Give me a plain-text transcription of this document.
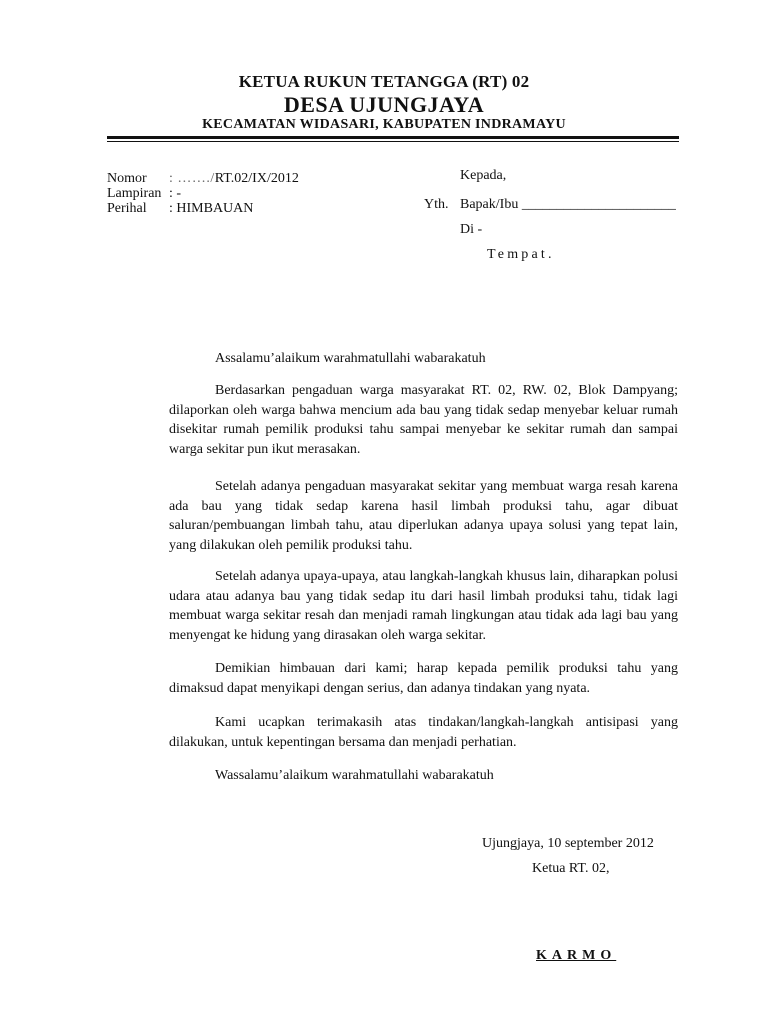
KETUA RUKUN TETANGGA (RT) 02
DESA UJUNGJAYA
KECAMATAN WIDASARI, KABUPATEN INDRAMAYU
Nomor	: ……./RT.02/IX/2012
Lampiran : -
Perihal	: HIMBAUAN
Kepada,
Yth. Bapak/Ibu ______________________
Di -
Tempat.
Assalamu’alaikum warahmatullahi wabarakatuh
Berdasarkan pengaduan warga masyarakat RT. 02, RW. 02, Blok Dampyang; dilaporkan oleh warga bahwa mencium ada bau yang tidak sedap menyebar keluar rumah disekitar rumah pemilik produksi tahu sampai menyebar ke sekitar rumah dan sampai warga sekitar pun ikut merasakan.
Setelah adanya pengaduan masyarakat sekitar yang membuat warga resah karena ada bau yang tidak sedap karena hasil limbah produksi tahu, agar dibuat saluran/pembuangan limbah tahu, atau diperlukan adanya upaya solusi yang tepat lain, yang dilakukan oleh pemilik produksi tahu.
Setelah adanya upaya-upaya, atau langkah-langkah khusus lain, diharapkan polusi udara atau adanya bau yang tidak sedap itu dari hasil limbah produksi tahu, tidak lagi membuat warga sekitar resah dan menjadi ramah lingkungan atau tidak ada lagi bau yang menyengat ke hidung yang dirasakan oleh warga sekitar.
Demikian himbauan dari kami; harap kepada pemilik produksi tahu yang dimaksud dapat menyikapi dengan serius, dan adanya tindakan yang nyata.
Kami ucapkan terimakasih atas tindakan/langkah-langkah antisipasi yang dilakukan, untuk kepentingan bersama dan menjadi perhatian.
Wassalamu’alaikum warahmatullahi wabarakatuh
Ujungjaya, 10 september 2012
Ketua RT. 02,
KARMO
